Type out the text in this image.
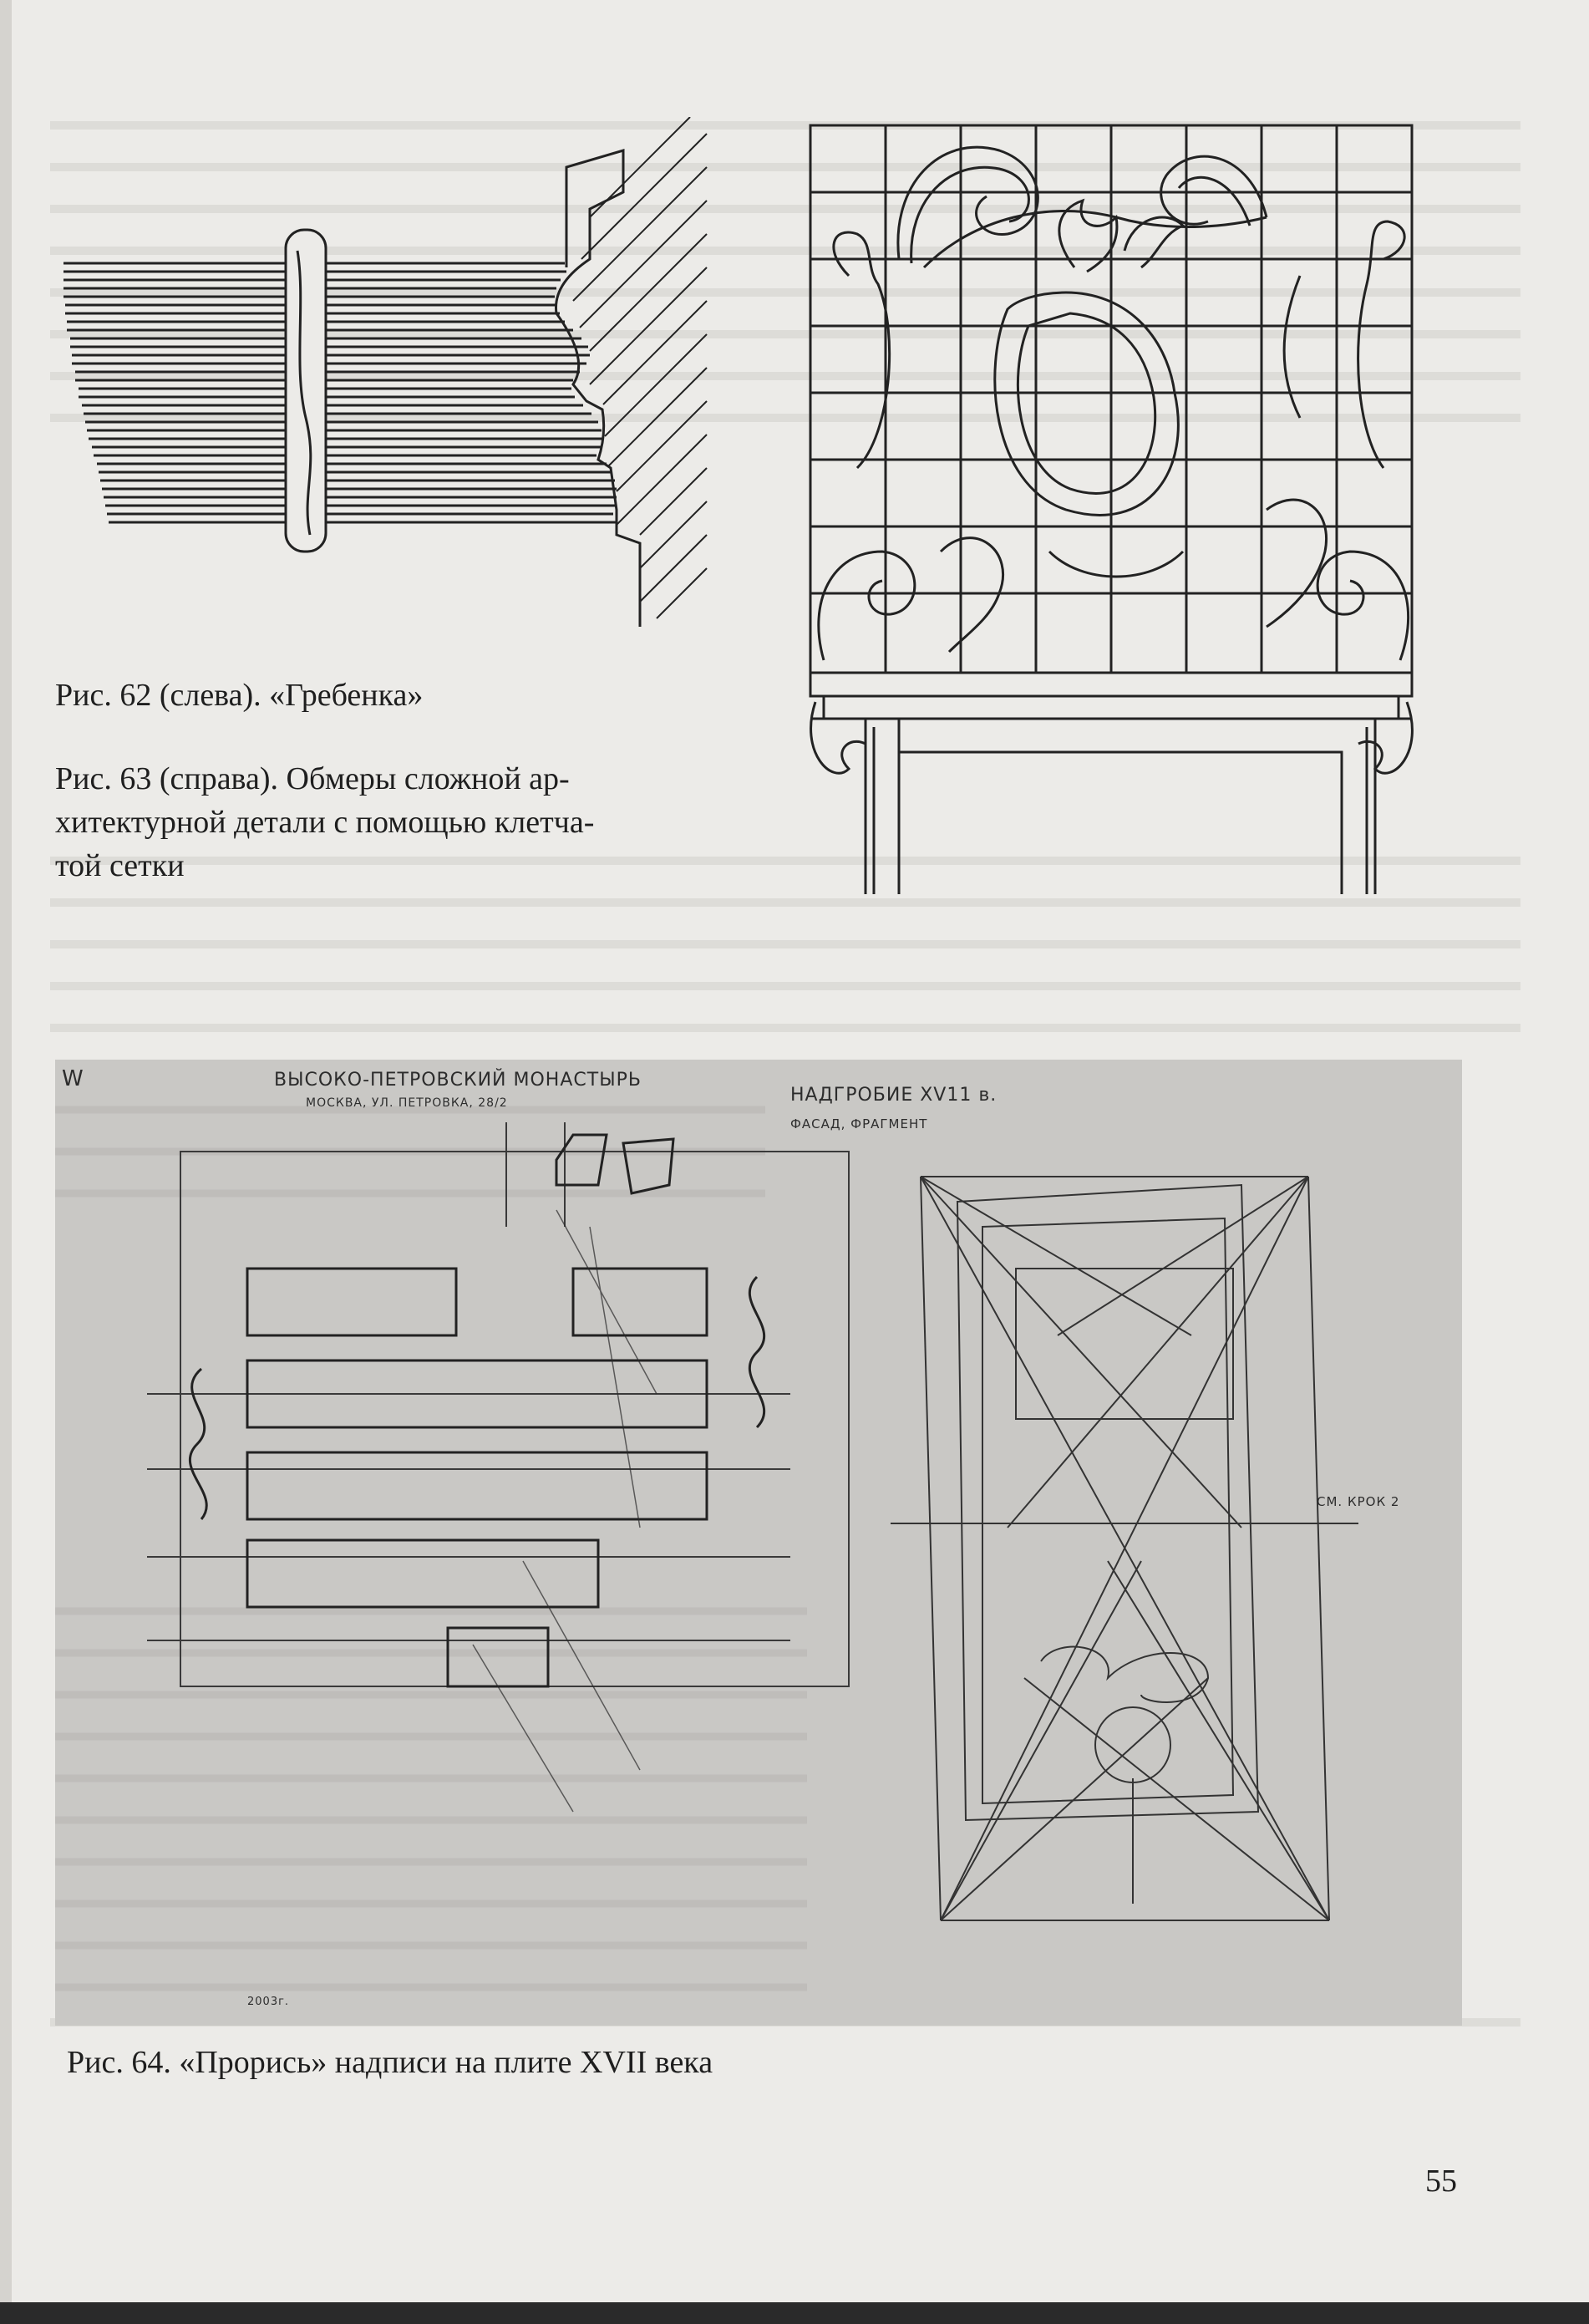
Рис. 62 (слева). «Гребенка»

Рис. 63 (справа). Обмеры сложной ар-
хитектурной детали с помощью клетча-
той сетки

W	ВЫСОКО-ПЕТРОВСКИЙ МОНАСТЫРЬ

МОСКВА, УЛ. ПЕТРОВКА, 28/2	НАДГРОБИЕ XV11 в.

ФАСАД, ФРАГМЕНТ

СМ. КРОК 2

2003г.

Рис. 64. «Прорись» надписи на плите XVII века

55
